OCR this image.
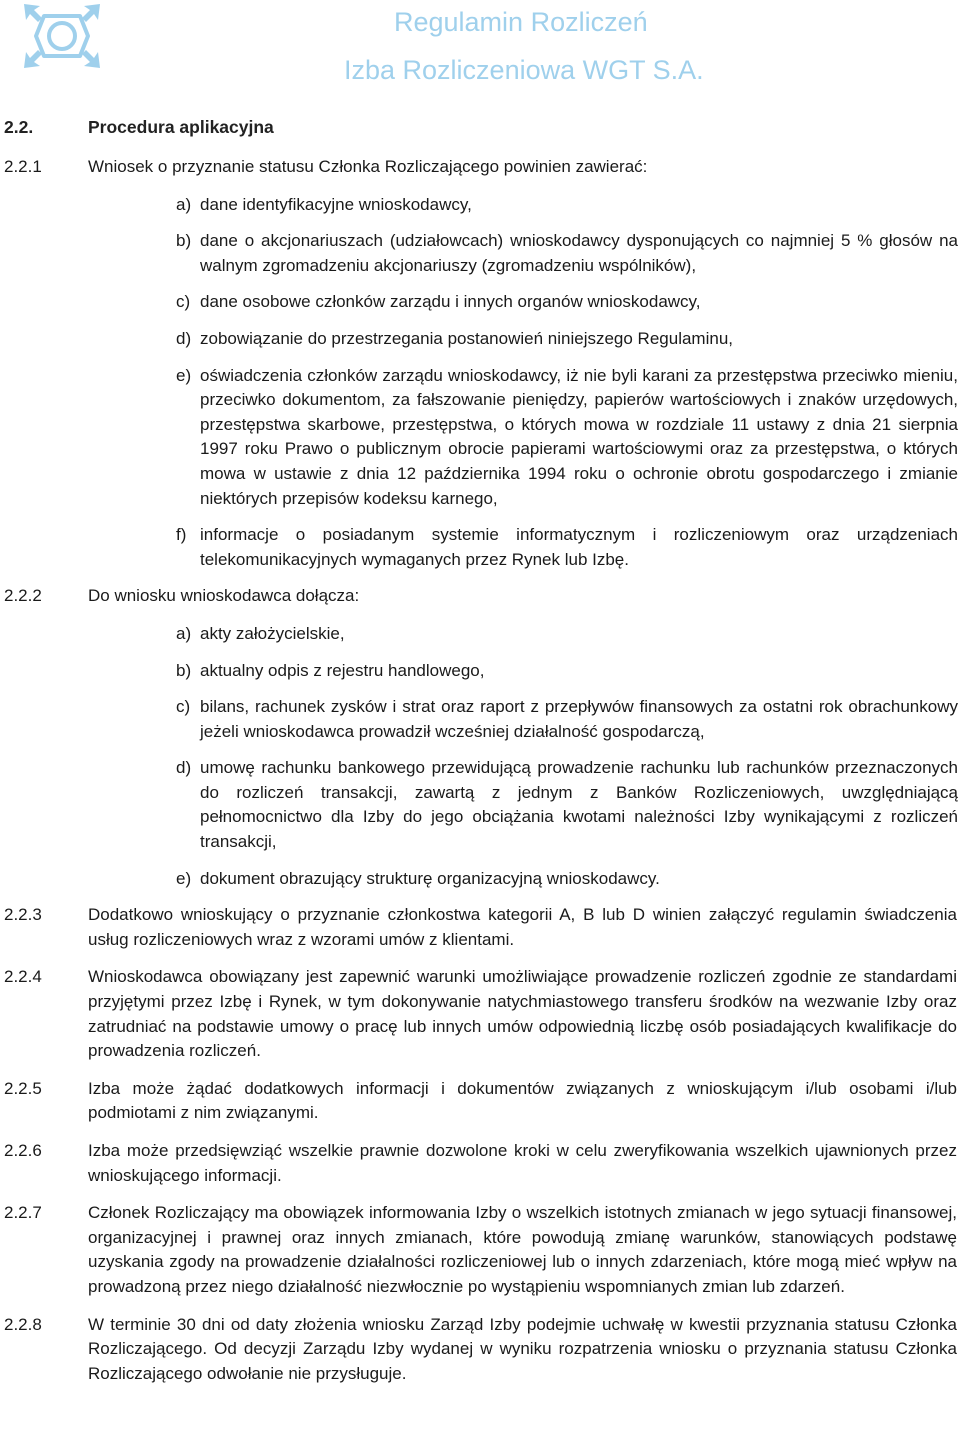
Regulamin Rozliczeń
Izba Rozliczeniowa WGT S.A.
2.2.	Procedura aplikacyjna
2.2.1	Wniosek o przyznanie statusu Członka Rozliczającego powinien zawierać:
a) dane identyfikacyjne wnioskodawcy,
b) dane o akcjonariuszach (udziałowcach) wnioskodawcy dysponujących co najmniej 5 % głosów na walnym zgromadzeniu akcjonariuszy (zgromadzeniu wspólników),
c) dane osobowe członków zarządu i innych organów wnioskodawcy,
d) zobowiązanie do przestrzegania postanowień niniejszego Regulaminu,
e) oświadczenia członków zarządu wnioskodawcy, iż nie byli karani za przestępstwa przeciwko mieniu, przeciwko dokumentom, za fałszowanie pieniędzy, papierów wartościowych i znaków urzędowych, przestępstwa skarbowe, przestępstwa, o których mowa w rozdziale 11 ustawy z dnia 21 sierpnia 1997 roku Prawo o publicznym obrocie papierami wartościowymi oraz za przestępstwa, o których mowa w ustawie z dnia 12 października 1994 roku o ochronie obrotu gospodarczego i zmianie niektórych przepisów kodeksu karnego,
f) informacje o posiadanym systemie informatycznym i rozliczeniowym oraz urządzeniach telekomunikacyjnych wymaganych przez Rynek lub Izbę.
2.2.2	Do wniosku wnioskodawca dołącza:
a) akty założycielskie,
b) aktualny odpis z rejestru handlowego,
c) bilans, rachunek zysków i strat oraz raport z przepływów finansowych za ostatni rok obrachunkowy jeżeli wnioskodawca prowadził wcześniej działalność gospodarczą,
d) umowę rachunku bankowego przewidującą prowadzenie rachunku lub rachunków przeznaczonych do rozliczeń transakcji, zawartą z jednym z Banków Rozliczeniowych, uwzględniającą pełnomocnictwo dla Izby do jego obciążania kwotami należności Izby wynikającymi z rozliczeń transakcji,
e) dokument obrazujący strukturę organizacyjną wnioskodawcy.
2.2.3	Dodatkowo wnioskujący o przyznanie członkostwa kategorii A, B lub D winien załączyć regulamin świadczenia usług rozliczeniowych wraz z wzorami umów z klientami.
2.2.4	Wnioskodawca obowiązany jest zapewnić warunki umożliwiające prowadzenie rozliczeń zgodnie ze standardami przyjętymi przez Izbę i Rynek, w tym dokonywanie natychmiastowego transferu środków na wezwanie Izby oraz zatrudniać na podstawie umowy o pracę lub innych umów odpowiednią liczbę osób posiadających kwalifikacje do prowadzenia rozliczeń.
2.2.5	Izba może żądać dodatkowych informacji i dokumentów związanych z wnioskującym i/lub osobami i/lub podmiotami z nim związanymi.
2.2.6	Izba może przedsięwziąć wszelkie prawnie dozwolone kroki w celu zweryfikowania wszelkich ujawnionych przez wnioskującego informacji.
2.2.7	Członek Rozliczający ma obowiązek informowania Izby o wszelkich istotnych zmianach w jego sytuacji finansowej, organizacyjnej i prawnej oraz innych zmianach, które powodują zmianę warunków, stanowiących podstawę uzyskania zgody na prowadzenie działalności rozliczeniowej lub o innych zdarzeniach, które mogą mieć wpływ na prowadzoną przez niego działalność niezwłocznie po wystąpieniu wspomnianych zmian lub zdarzeń.
2.2.8	W terminie 30 dni od daty złożenia wniosku Zarząd Izby podejmie uchwałę w kwestii przyznania statusu Członka Rozliczającego. Od decyzji Zarządu Izby wydanej w wyniku rozpatrzenia wniosku o przyznania statusu Członka Rozliczającego odwołanie nie przysługuje.
